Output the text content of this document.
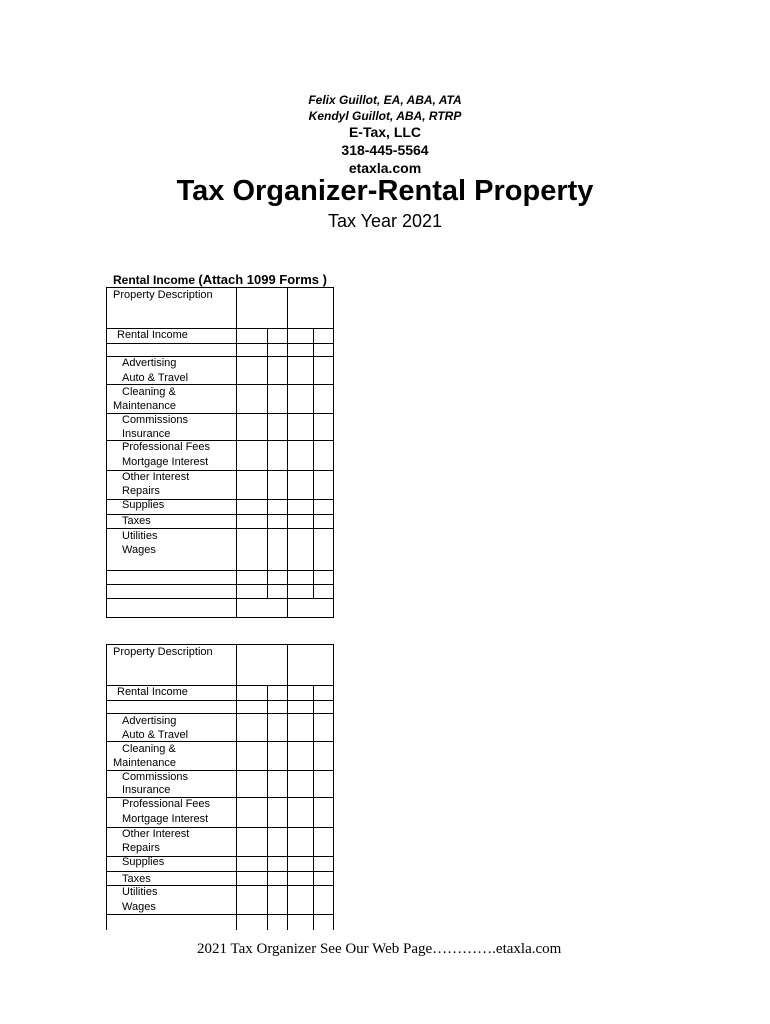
Felix Guillot, EA, ABA, ATA
Kendyl Guillot, ABA, RTRP
E-Tax, LLC
318-445-5564
etaxla.com
Tax Organizer-Rental Property
Tax Year 2021
Rental Income (Attach 1099 Forms )
Property Description
Rental Income
Advertising
Auto & Travel
Cleaning &
Maintenance
Commissions
Insurance
Professional Fees
Mortgage Interest
Other Interest
Repairs
Supplies
Taxes
Utilities
Wages
Property Description
Rental Income
Advertising
Auto & Travel
Cleaning &
Maintenance
Commissions
Insurance
Professional Fees
Mortgage Interest
Other Interest
Repairs
Supplies
Taxes
Utilities
Wages
2021 Tax Organizer See Our Web Page………….etaxla.com
